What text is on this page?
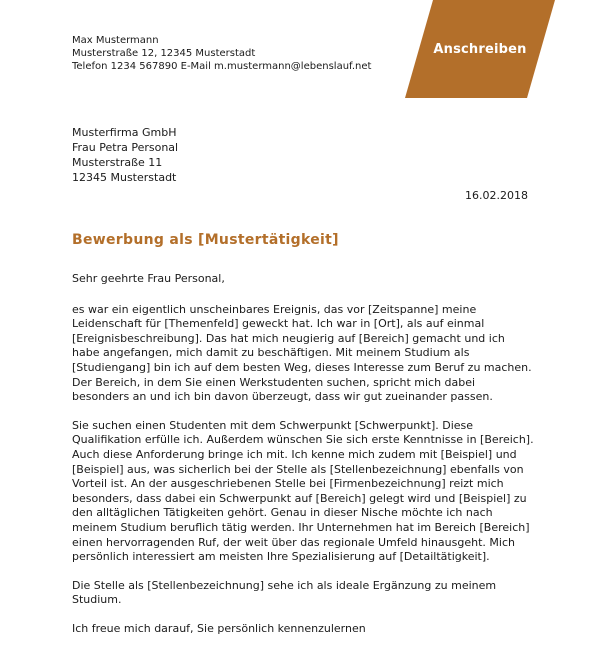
Max Mustermann
Musterstraße 12, 12345 Musterstadt
Telefon 1234 567890 E-Mail m.mustermann@lebenslauf.net
Anschreiben
Musterfirma GmbH
Frau Petra Personal
Musterstraße 11
12345 Musterstadt
16.02.2018
Bewerbung als [Mustertätigkeit]

Sehr geehrte Frau Personal,

es war ein eigentlich unscheinbares Ereignis, das vor [Zeitspanne] meine Leidenschaft für [Themenfeld] geweckt hat. Ich war in [Ort], als auf einmal [Ereignisbeschreibung]. Das hat mich neugierig auf [Bereich] gemacht und ich habe angefangen, mich damit zu beschäftigen. Mit meinem Studium als [Studiengang] bin ich auf dem besten Weg, dieses Interesse zum Beruf zu machen. Der Bereich, in dem Sie einen Werkstudenten suchen, spricht mich dabei besonders an und ich bin davon überzeugt, dass wir gut zueinander passen.

Sie suchen einen Studenten mit dem Schwerpunkt [Schwerpunkt]. Diese Qualifikation erfülle ich. Außerdem wünschen Sie sich erste Kenntnisse in [Bereich]. Auch diese Anforderung bringe ich mit. Ich kenne mich zudem mit [Beispiel] und [Beispiel] aus, was sicherlich bei der Stelle als [Stellenbezeichnung] ebenfalls von Vorteil ist. An der ausgeschriebenen Stelle bei [Firmenbezeichnung] reizt mich besonders, dass dabei ein Schwerpunkt auf [Bereich] gelegt wird und [Beispiel] zu den alltäglichen Tätigkeiten gehört. Genau in dieser Nische möchte ich nach meinem Studium beruflich tätig werden. Ihr Unternehmen hat im Bereich [Bereich] einen hervorragenden Ruf, der weit über das regionale Umfeld hinausgeht. Mich persönlich interessiert am meisten Ihre Spezialisierung auf [Detailtätigkeit].

Die Stelle als [Stellenbezeichnung] sehe ich als ideale Ergänzung zu meinem Studium.

Ich freue mich darauf, Sie persönlich kennenzulernen
